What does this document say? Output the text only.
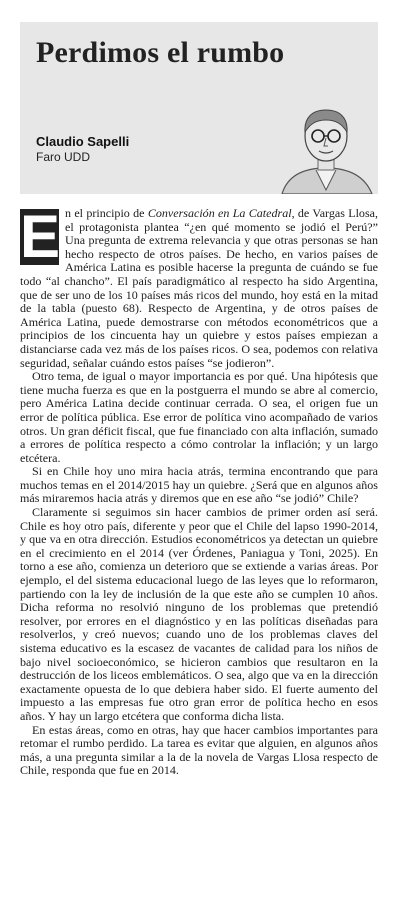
Perdimos el rumbo
Claudio Sapelli
Faro UDD

E n el principio de Conversación en La Catedral, de Vargas Llosa, el protagonista plantea “¿en qué momento se jodió el Perú?” Una pregunta de extrema relevancia y que otras personas se han hecho respecto de otros países. De hecho, en varios países de América Latina es posible hacerse la pregunta de cuándo se fue todo “al chancho”. El país paradigmático al respecto ha sido Argentina, que de ser uno de los 10 países más ricos del mundo, hoy está en la mitad de la tabla (puesto 68). Respecto de Argentina, y de otros países de América Latina, puede demostrarse con métodos econométricos que a principios de los cincuenta hay un quiebre y estos países empiezan a distanciarse cada vez más de los países ricos. O sea, podemos con relativa seguridad, señalar cuándo estos países “se jodieron”.

Otro tema, de igual o mayor importancia es por qué. Una hipótesis que tiene mucha fuerza es que en la postguerra el mundo se abre al comercio, pero América Latina decide continuar cerrada. O sea, el origen fue un error de política pública. Ese error de política vino acompañado de varios otros. Un gran déficit fiscal, que fue financiado con alta inflación, sumado a errores de política respecto a cómo controlar la inflación; y un largo etcétera.

Si en Chile hoy uno mira hacia atrás, termina encontrando que para muchos temas en el 2014/2015 hay un quiebre. ¿Será que en algunos años más miraremos hacia atrás y diremos que en ese año “se jodió” Chile?

Claramente si seguimos sin hacer cambios de primer orden así será. Chile es hoy otro país, diferente y peor que el Chile del lapso 1990-2014, y que va en otra dirección. Estudios econométricos ya detectan un quiebre en el crecimiento en el 2014 (ver Órdenes, Paniagua y Toni, 2025). En torno a ese año, comienza un deterioro que se extiende a varias áreas. Por ejemplo, el del sistema educacional luego de las leyes que lo reformaron, partiendo con la ley de inclusión de la que este año se cumplen 10 años. Dicha reforma no resolvió ninguno de los problemas que pretendió resolver, por errores en el diagnóstico y en las políticas diseñadas para resolverlos, y creó nuevos; cuando uno de los problemas claves del sistema educativo es la escasez de vacantes de calidad para los niños de bajo nivel socioeconómico, se hicieron cambios que resultaron en la destrucción de los liceos emblemáticos. O sea, algo que va en la dirección exactamente opuesta de lo que debiera haber sido. El fuerte aumento del impuesto a las empresas fue otro gran error de política hecho en esos años. Y hay un largo etcétera que conforma dicha lista.

En estas áreas, como en otras, hay que hacer cambios importantes para retomar el rumbo perdido. La tarea es evitar que alguien, en algunos años más, a una pregunta similar a la de la novela de Vargas Llosa respecto de Chile, responda que fue en 2014.
